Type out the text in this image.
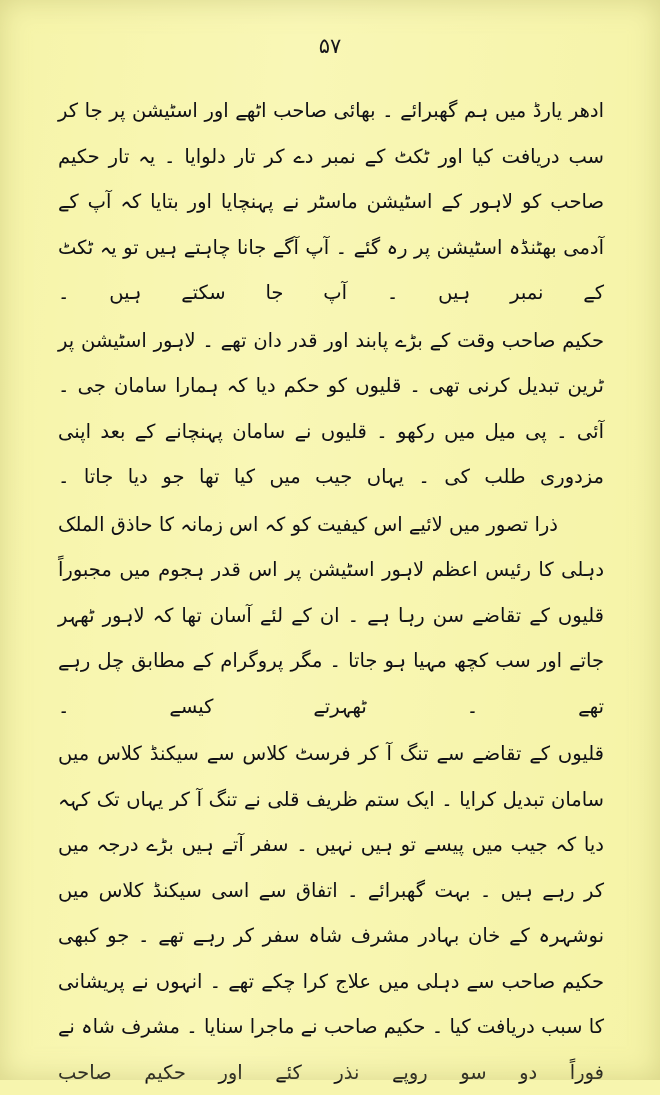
۵۷

ادھر یارڈ میں ہم گھبرائے ۔ بھائی صاحب اٹھے اور اسٹیشن پر جا کر سب دریافت کیا اور ٹکٹ کے نمبر دے کر تار دلوایا ۔ یہ تار حکیم صاحب کو لاہور کے اسٹیشن ماسٹر نے پہنچایا اور بتایا کہ آپ کے آدمی بھٹنڈہ اسٹیشن پر رہ گئے ۔ آپ آگے جانا چاہتے ہیں تو یہ ٹکٹ کے نمبر ہیں ۔ آپ جا سکتے ہیں ۔

حکیم صاحب وقت کے بڑے پابند اور قدر دان تھے ۔ لاہور اسٹیشن پر ٹرین تبدیل کرنی تھی ۔ قلیوں کو حکم دیا کہ ہمارا سامان جی ۔ آئی ۔ پی میل میں رکھو ۔ قلیوں نے سامان پہنچانے کے بعد اپنی مزدوری طلب کی ۔ یہاں جیب میں کیا تھا جو دیا جاتا ۔

ذرا تصور میں لائیے اس کیفیت کو کہ اس زمانہ کا حاذق الملک دہلی کا رئیس اعظم لاہور اسٹیشن پر اس قدر ہجوم میں مجبوراً قلیوں کے تقاضے سن رہا ہے ۔ ان کے لئے آسان تھا کہ لاہور ٹھہر جاتے اور سب کچھ مہیا ہو جاتا ۔ مگر پروگرام کے مطابق چل رہے تھے ۔ ٹھہرتے کیسے ۔

قلیوں کے تقاضے سے تنگ آ کر فرسٹ کلاس سے سیکنڈ کلاس میں سامان تبدیل کرایا ۔ ایک ستم ظریف قلی نے تنگ آ کر یہاں تک کہہ دیا کہ جیب میں پیسے تو ہیں نہیں ۔ سفر آتے ہیں بڑے درجہ میں کر رہے ہیں ۔ بہت گھبرائے ۔ اتفاق سے اسی سیکنڈ کلاس میں نوشہرہ کے خان بہادر مشرف شاہ سفر کر رہے تھے ۔ جو کبھی حکیم صاحب سے دہلی میں علاج کرا چکے تھے ۔ انہوں نے پریشانی کا سبب دریافت کیا ۔ حکیم صاحب نے ماجرا سنایا ۔ مشرف شاہ نے فوراً دو سو روپے نذر کئے اور حکیم صاحب
